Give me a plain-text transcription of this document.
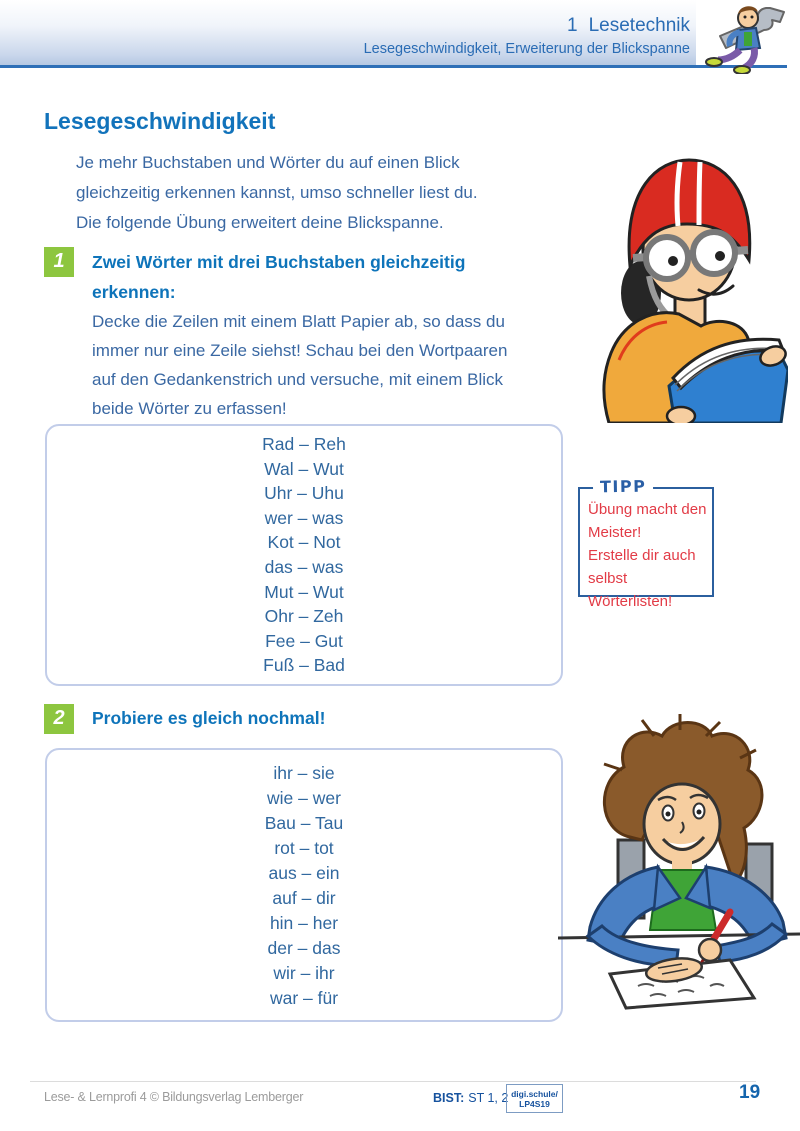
1 Lesetechnik
Lesegeschwindigkeit, Erweiterung der Blickspanne
Lesegeschwindigkeit
Je mehr Buchstaben und Wörter du auf einen Blick
gleichzeitig erkennen kannst, umso schneller liest du.
Die folgende Übung erweitert deine Blickspanne.
1	Zwei Wörter mit drei Buchstaben gleichzeitig
erkennen:
Decke die Zeilen mit einem Blatt Papier ab, so dass du
immer nur eine Zeile siehst! Schau bei den Wortpaaren
auf den Gedankenstrich und versuche, mit einem Blick
beide Wörter zu erfassen!
Rad – Reh
Wal – Wut
Uhr – Uhu
wer – was
Kot – Not
das – was
Mut – Wut
Ohr – Zeh
Fee – Gut
Fuß – Bad
TIPP
Übung macht den
Meister!
Erstelle dir auch
selbst Wörterlisten!
2	Probiere es gleich nochmal!
ihr – sie
wie – wer
Bau – Tau
rot – tot
aus – ein
auf – dir
hin – her
der – das
wir – ihr
war – für
Lese- & Lernprofi 4 © Bildungsverlag Lemberger	BIST: ST 1, 2 digi.schule/
LP4S19
19
